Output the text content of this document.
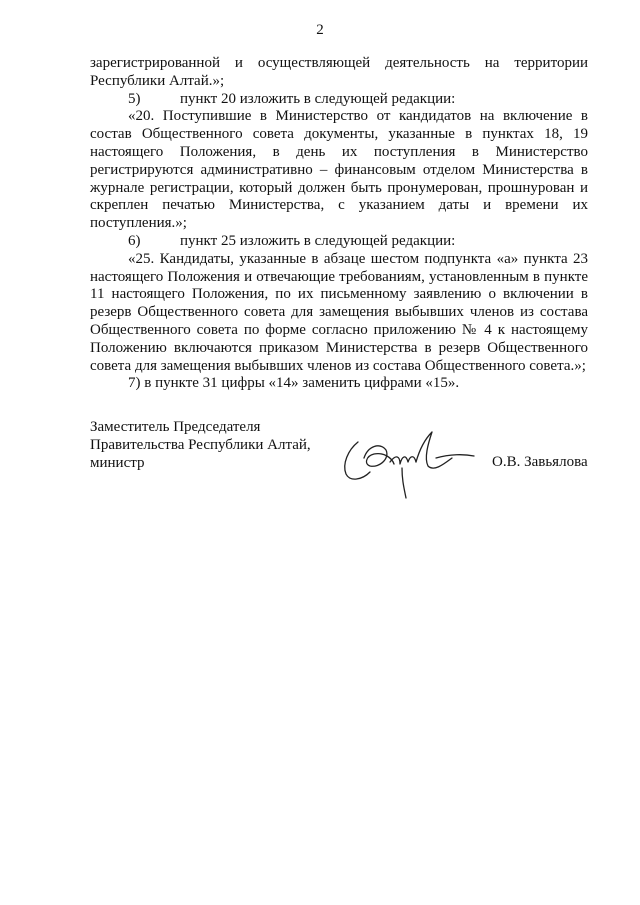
2

зарегистрированной и осуществляющей деятельность на территории Республики Алтай.»;

5)	пункт 20 изложить в следующей редакции:

«20. Поступившие в Министерство от кандидатов на включение в состав Общественного совета документы, указанные в пунктах 18, 19 настоящего Положения, в день их поступления в Министерство регистрируются административно – финансовым отделом Министерства в журнале регистрации, который должен быть пронумерован, прошнурован и скреплен печатью Министерства, с указанием даты и времени их поступления.»;

6)	пункт 25 изложить в следующей редакции:

«25. Кандидаты, указанные в абзаце шестом подпункта «а» пункта 23 настоящего Положения и отвечающие требованиям, установленным в пункте 11 настоящего Положения, по их письменному заявлению о включении в резерв Общественного совета для замещения выбывших членов из состава Общественного совета по форме согласно приложению № 4 к настоящему Положению включаются приказом Министерства в резерв Общественного совета для замещения выбывших членов из состава Общественного совета.»;

7) в пункте 31 цифры «14» заменить цифрами «15».

Заместитель Председателя
Правительства Республики Алтай,
министр	О.В. Завьялова
